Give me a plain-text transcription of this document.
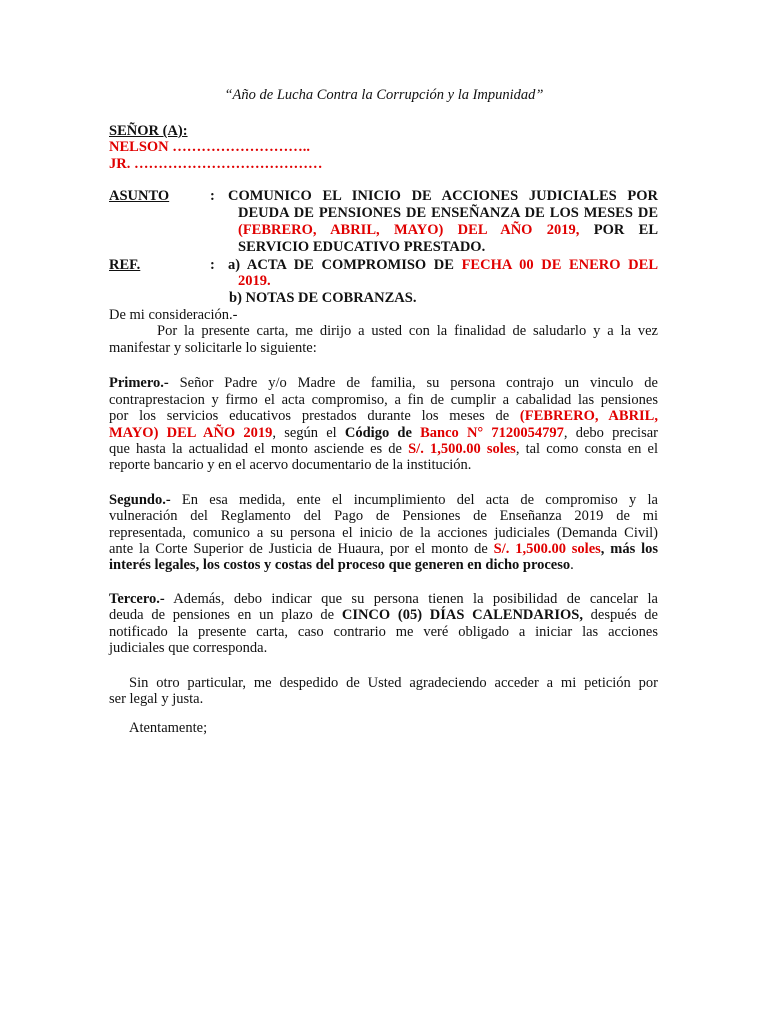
“Año de Lucha Contra la Corrupción y la Impunidad”
SEÑOR (A):
NELSON ………………………..
JR. …………………………………
ASUNTO	: COMUNICO EL INICIO DE ACCIONES JUDICIALES POR
DEUDA DE PENSIONES DE ENSEÑANZA DE LOS MESES DE
(FEBRERO, ABRIL, MAYO) DEL AÑO 2019, POR EL
SERVICIO EDUCATIVO PRESTADO.
REF.	: a) ACTA DE COMPROMISO DE FECHA 00 DE ENERO DEL
2019.
b) NOTAS DE COBRANZAS.
De mi consideración.-
Por la presente carta, me dirijo a usted con la finalidad de saludarlo y a la vez
manifestar y solicitarle lo siguiente:
Primero.- Señor Padre y/o Madre de familia, su persona contrajo un vinculo de
contraprestacion y firmo el acta compromiso, a fin de cumplir a cabalidad las pensiones
por los servicios educativos prestados durante los meses de (FEBRERO, ABRIL,
MAYO) DEL AÑO 2019, según el Código de Banco N° 7120054797, debo precisar
que hasta la actualidad el monto asciende es de S/. 1,500.00 soles, tal como consta en el
reporte bancario y en el acervo documentario de la institución.
Segundo.- En esa medida, ente el incumplimiento del acta de compromiso y la
vulneración del Reglamento del Pago de Pensiones de Enseñanza 2019 de mi
representada, comunico a su persona el inicio de la acciones judiciales (Demanda Civil)
ante la Corte Superior de Justicia de Huaura, por el monto de S/. 1,500.00 soles, más los
interés legales, los costos y costas del proceso que generen en dicho proceso.
Tercero.- Además, debo indicar que su persona tienen la posibilidad de cancelar la
deuda de pensiones en un plazo de CINCO (05) DÍAS CALENDARIOS, después de
notificado la presente carta, caso contrario me veré obligado a iniciar las acciones
judiciales que corresponda.
Sin otro particular, me despedido de Usted agradeciendo acceder a mi petición por
ser legal y justa.
Atentamente;
